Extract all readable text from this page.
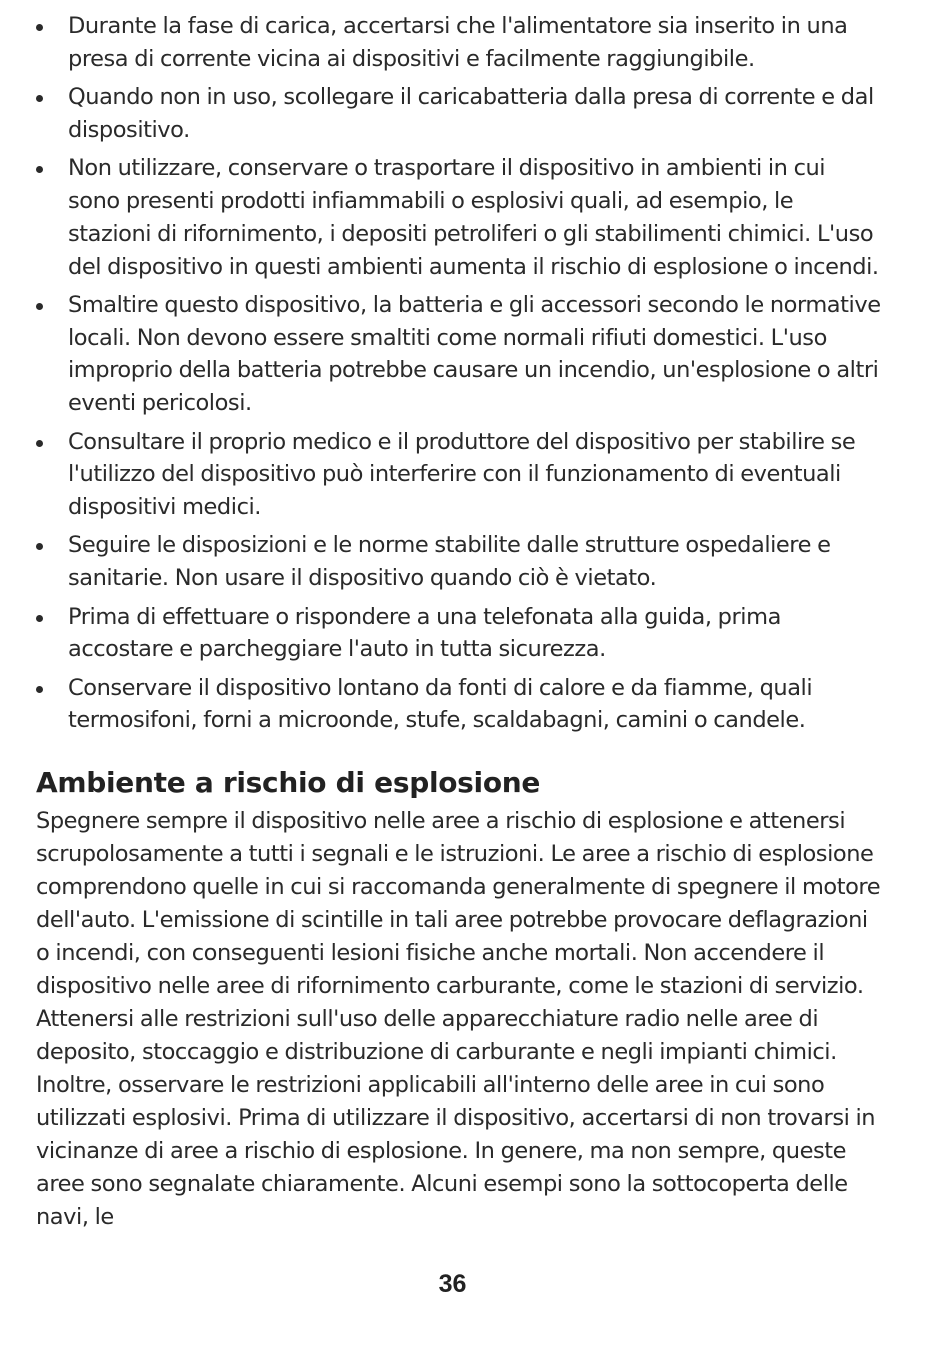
Durante la fase di carica, accertarsi che l'alimentatore sia inserito in una presa di corrente vicina ai dispositivi e facilmente raggiungibile.
Quando non in uso, scollegare il caricabatteria dalla presa di corrente e dal dispositivo.
Non utilizzare, conservare o trasportare il dispositivo in ambienti in cui sono presenti prodotti infiammabili o esplosivi quali, ad esempio, le stazioni di rifornimento, i depositi petroliferi o gli stabilimenti chimici. L'uso del dispositivo in questi ambienti aumenta il rischio di esplosione o incendi.
Smaltire questo dispositivo, la batteria e gli accessori secondo le normative locali. Non devono essere smaltiti come normali rifiuti domestici. L'uso improprio della batteria potrebbe causare un incendio, un'esplosione o altri eventi pericolosi.
Consultare il proprio medico e il produttore del dispositivo per stabilire se l'utilizzo del dispositivo può interferire con il funzionamento di eventuali dispositivi medici.
Seguire le disposizioni e le norme stabilite dalle strutture ospedaliere e sanitarie. Non usare il dispositivo quando ciò è vietato.
Prima di effettuare o rispondere a una telefonata alla guida, prima accostare e parcheggiare l'auto in tutta sicurezza.
Conservare il dispositivo lontano da fonti di calore e da fiamme, quali termosifoni, forni a microonde, stufe, scaldabagni, camini o candele.
Ambiente a rischio di esplosione

Spegnere sempre il dispositivo nelle aree a rischio di esplosione e attenersi scrupolosamente a tutti i segnali e le istruzioni. Le aree a rischio di esplosione comprendono quelle in cui si raccomanda generalmente di spegnere il motore dell'auto. L'emissione di scintille in tali aree potrebbe provocare deflagrazioni o incendi, con conseguenti lesioni fisiche anche mortali. Non accendere il dispositivo nelle aree di rifornimento carburante, come le stazioni di servizio. Attenersi alle restrizioni sull'uso delle apparecchiature radio nelle aree di deposito, stoccaggio e distribuzione di carburante e negli impianti chimici. Inoltre, osservare le restrizioni applicabili all'interno delle aree in cui sono utilizzati esplosivi. Prima di utilizzare il dispositivo, accertarsi di non trovarsi in vicinanze di aree a rischio di esplosione. In genere, ma non sempre, queste aree sono segnalate chiaramente. Alcuni esempi sono la sottocoperta delle navi, le

36
